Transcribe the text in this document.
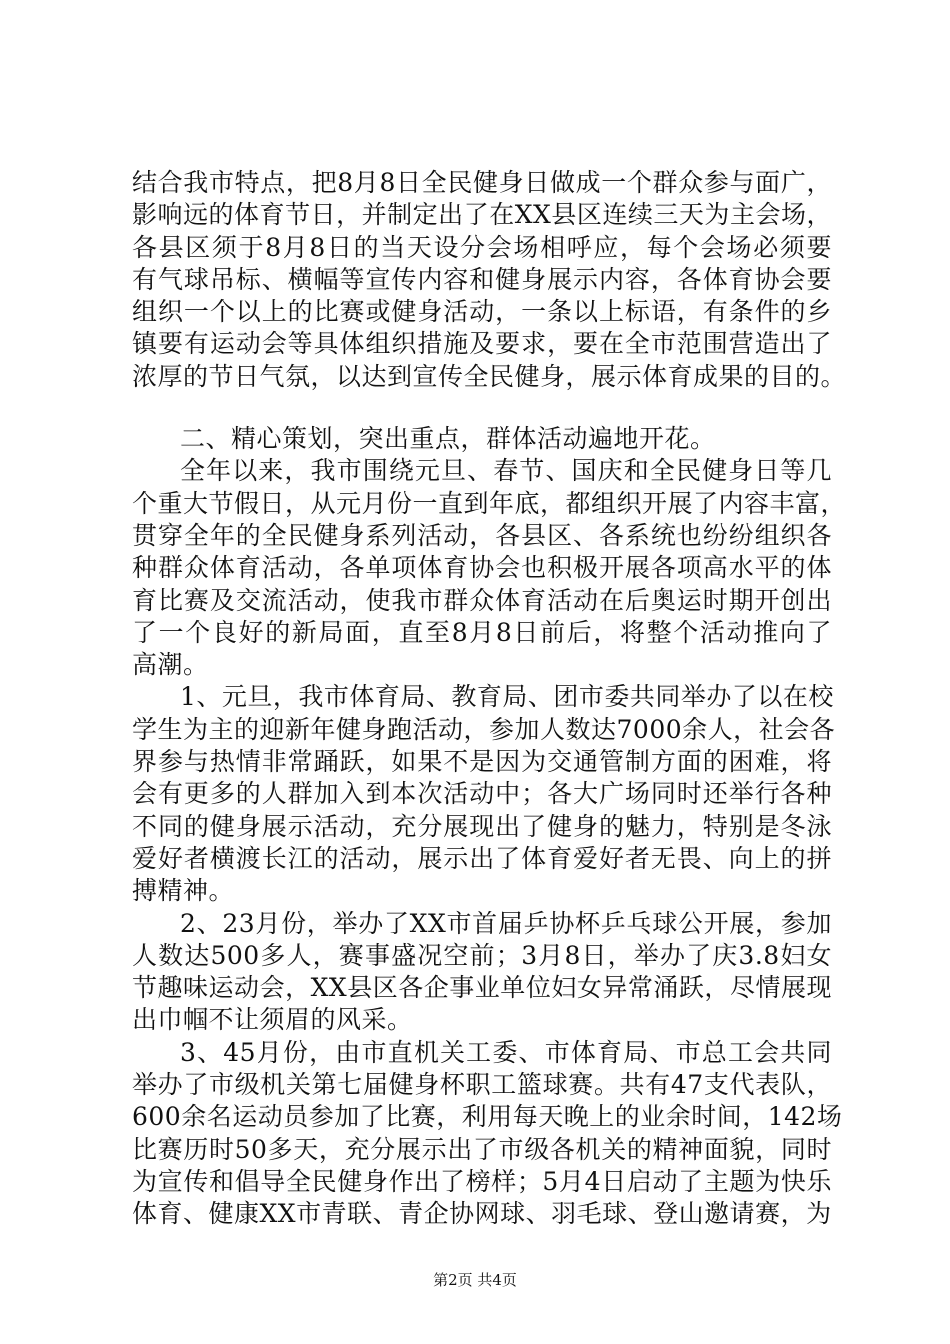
结合我市特点，把8月8日全民健身日做成一个群众参与面广，
影响远的体育节日，并制定出了在XX县区连续三天为主会场，
各县区须于8月8日的当天设分会场相呼应，每个会场必须要
有气球吊标、横幅等宣传内容和健身展示内容，各体育协会要
组织一个以上的比赛或健身活动，一条以上标语，有条件的乡
镇要有运动会等具体组织措施及要求，要在全市范围营造出了
浓厚的节日气氛，以达到宣传全民健身，展示体育成果的目的。
二、精心策划，突出重点，群体活动遍地开花。
全年以来，我市围绕元旦、春节、国庆和全民健身日等几
个重大节假日，从元月份一直到年底，都组织开展了内容丰富，
贯穿全年的全民健身系列活动，各县区、各系统也纷纷组织各
种群众体育活动，各单项体育协会也积极开展各项高水平的体
育比赛及交流活动，使我市群众体育活动在后奥运时期开创出
了一个良好的新局面，直至8月8日前后，将整个活动推向了
高潮。
1、元旦，我市体育局、教育局、团市委共同举办了以在校
学生为主的迎新年健身跑活动，参加人数达7000余人，社会各
界参与热情非常踊跃，如果不是因为交通管制方面的困难，将
会有更多的人群加入到本次活动中；各大广场同时还举行各种
不同的健身展示活动，充分展现出了健身的魅力，特别是冬泳
爱好者横渡长江的活动，展示出了体育爱好者无畏、向上的拼
搏精神。
2、23月份，举办了XX市首届乒协杯乒乓球公开展，参加
人数达500多人，赛事盛况空前；3月8日，举办了庆3.8妇女
节趣味运动会，XX县区各企事业单位妇女异常涌跃，尽情展现
出巾帼不让须眉的风采。
3、45月份，由市直机关工委、市体育局、市总工会共同
举办了市级机关第七届健身杯职工篮球赛。共有47支代表队，
600余名运动员参加了比赛，利用每天晚上的业余时间，142场
比赛历时50多天，充分展示出了市级各机关的精神面貌，同时
为宣传和倡导全民健身作出了榜样；5月4日启动了主题为快乐
体育、健康XX市青联、青企协网球、羽毛球、登山邀请赛，为
第2页 共4页
